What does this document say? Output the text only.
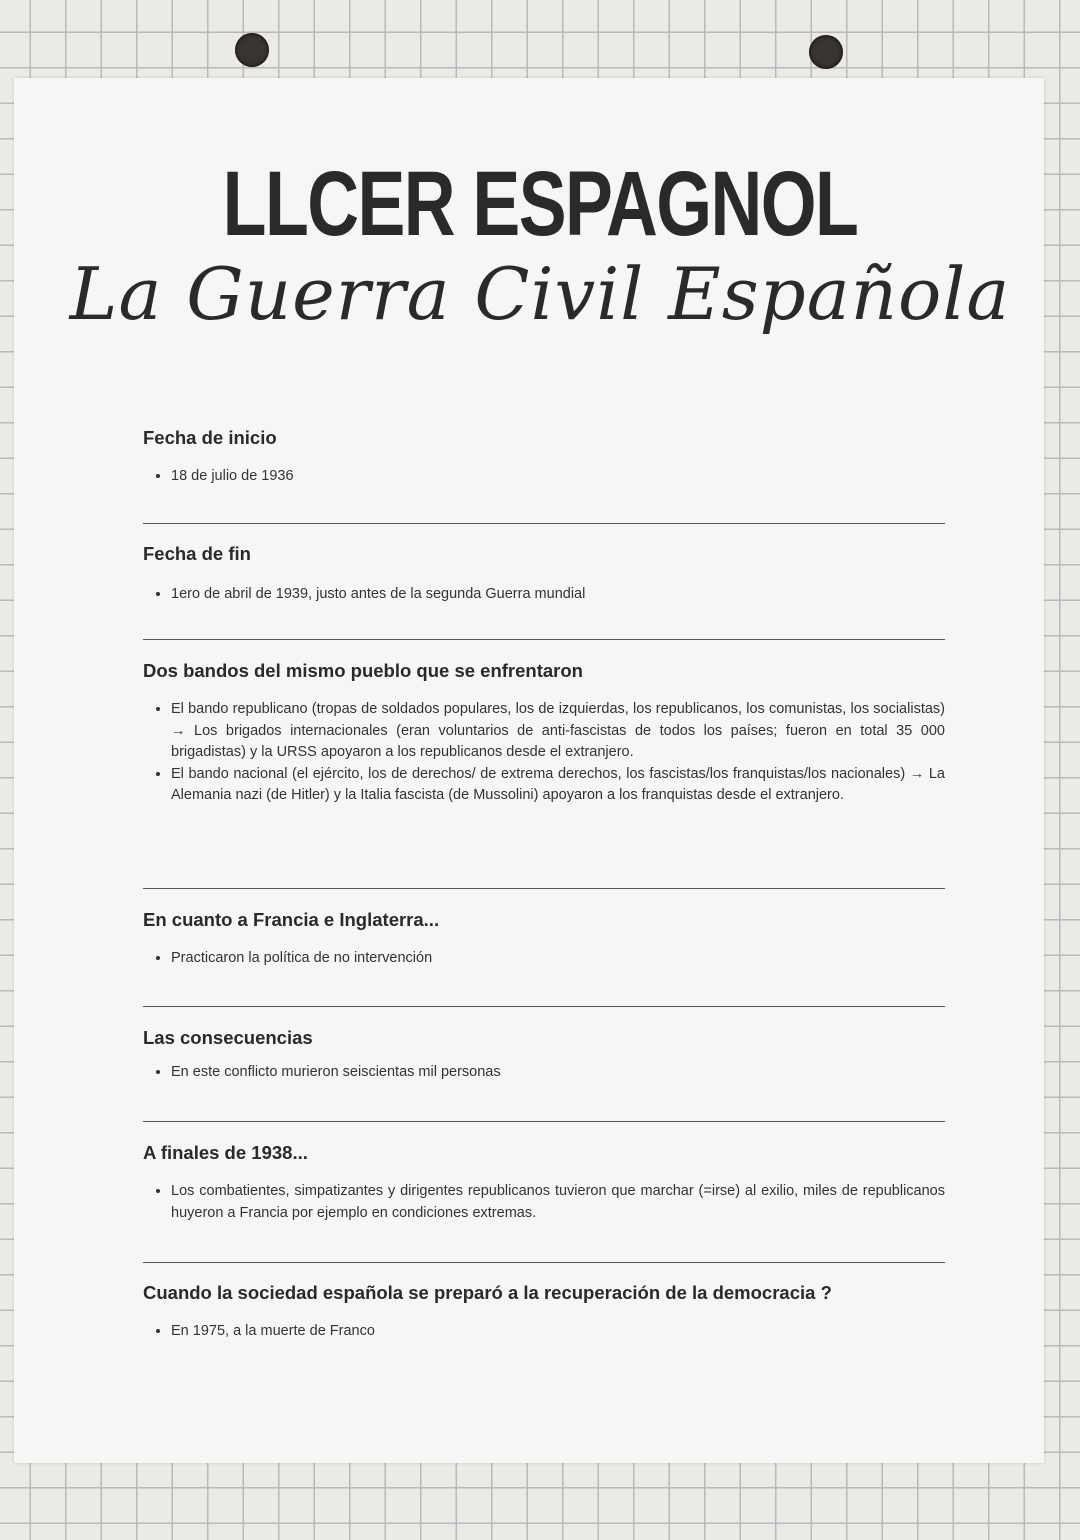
LLCER ESPAGNOL
La Guerra Civil Española

Fecha de inicio

• 18 de julio de 1936

Fecha de fin

• 1ero de abril de 1939, justo antes de la segunda Guerra mundial

Dos bandos del mismo pueblo que se enfrentaron

• El bando republicano (tropas de soldados populares, los de izquierdas, los republicanos, los comunistas, los socialistas) → Los brigados internacionales (eran voluntarios de anti-fascistas de todos los países; fueron en total 35 000 brigadistas) y la URSS apoyaron a los republicanos desde el extranjero.
• El bando nacional (el ejército, los de derechos/ de extrema derechos, los fascistas/los franquistas/los nacionales) → La Alemania nazi (de Hitler) y la Italia fascista (de Mussolini) apoyaron a los franquistas desde el extranjero.

En cuanto a Francia e Inglaterra...

• Practicaron la política de no intervención

Las consecuencias

• En este conflicto murieron seiscientas mil personas

A finales de 1938...

• Los combatientes, simpatizantes y dirigentes republicanos tuvieron que marchar (=irse) al exilio, miles de republicanos huyeron a Francia por ejemplo en condiciones extremas.

Cuando la sociedad española se preparó a la recuperación de la democracia ?

• En 1975, a la muerte de Franco
